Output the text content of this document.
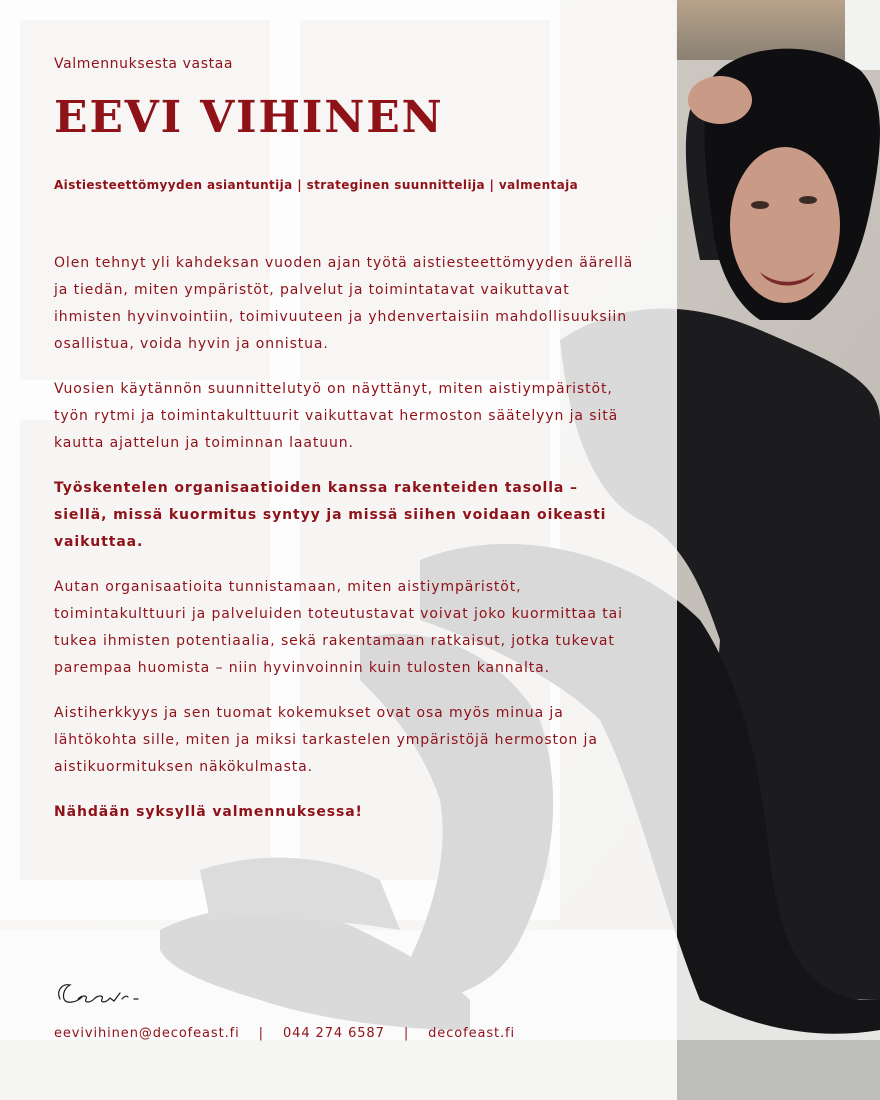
Valmennuksesta vastaa
EEVI VIHINEN
Aistiesteettömyyden asiantuntija | strateginen suunnittelija | valmentaja

Olen tehnyt yli kahdeksan vuoden ajan työtä aistiesteettömyyden äärellä ja tiedän, miten ympäristöt, palvelut ja toimintatavat vaikuttavat ihmisten hyvinvointiin, toimivuuteen ja yhdenvertaisiin mahdollisuuksiin osallistua, voida hyvin ja onnistua.

Vuosien käytännön suunnittelutyö on näyttänyt, miten aistiympäristöt, työn rytmi ja toimintakulttuurit vaikuttavat hermoston säätelyyn ja sitä kautta ajattelun ja toiminnan laatuun.

Työskentelen organisaatioiden kanssa rakenteiden tasolla – siellä, missä kuormitus syntyy ja missä siihen voidaan oikeasti vaikuttaa.

Autan organisaatioita tunnistamaan, miten aistiympäristöt, toimintakulttuuri ja palveluiden toteutustavat voivat joko kuormittaa tai tukea ihmisten potentiaalia, sekä rakentamaan ratkaisut, jotka tukevat parempaa huomista – niin hyvinvoinnin kuin tulosten kannalta.

Aistiherkkyys ja sen tuomat kokemukset ovat osa myös minua ja lähtökohta sille, miten ja miksi tarkastelen ympäristöjä hermoston ja aistikuormituksen näkökulmasta.

Nähdään syksyllä valmennuksessa!

eevivihinen@decofeast.fi | 044 274 6587 | decofeast.fi
